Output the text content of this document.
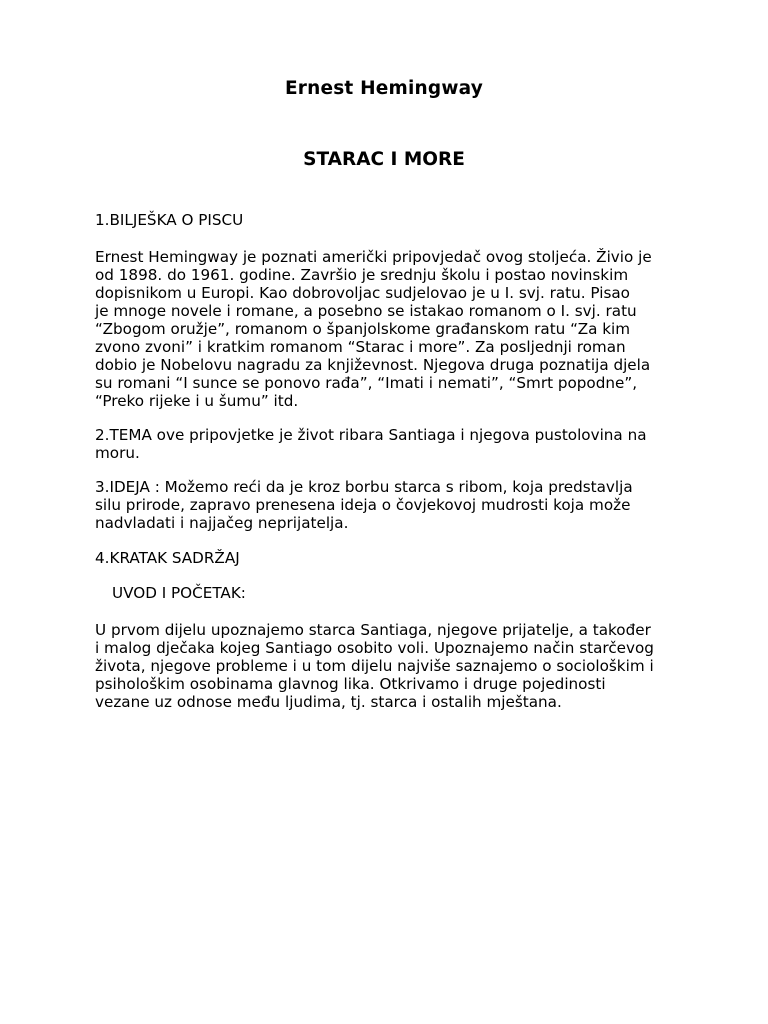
Ernest Hemingway
STARAC I MORE
1.BILJEŠKA O PISCU
Ernest Hemingway je poznati američki pripovjedač ovog stoljeća. Živio je
od 1898. do 1961. godine. Završio je srednju školu i postao novinskim
dopisnikom u Europi. Kao dobrovoljac sudjelovao je u I. svj. ratu. Pisao
je mnoge novele i romane, a posebno se istakao romanom o I. svj. ratu
“Zbogom oružje”, romanom o španjolskome građanskom ratu “Za kim
zvono zvoni” i kratkim romanom “Starac i more”. Za posljednji roman
dobio je Nobelovu nagradu za književnost. Njegova druga poznatija djela
su romani “I sunce se ponovo rađa”, “Imati i nemati”, “Smrt popodne”,
“Preko rijeke i u šumu” itd.
2.TEMA ove pripovjetke je život ribara Santiaga i njegova pustolovina na
moru.
3.IDEJA : Možemo reći da je kroz borbu starca s ribom, koja predstavlja
silu prirode, zapravo prenesena ideja o čovjekovoj mudrosti koja može
nadvladati i najjačeg neprijatelja.
4.KRATAK SADRŽAJ
UVOD I POČETAK:
U prvom dijelu upoznajemo starca Santiaga, njegove prijatelje, a također
i malog dječaka kojeg Santiago osobito voli. Upoznajemo način starčevog
života, njegove probleme i u tom dijelu najviše saznajemo o sociološkim i
psihološkim osobinama glavnog lika. Otkrivamo i druge pojedinosti
vezane uz odnose među ljudima, tj. starca i ostalih mještana.
